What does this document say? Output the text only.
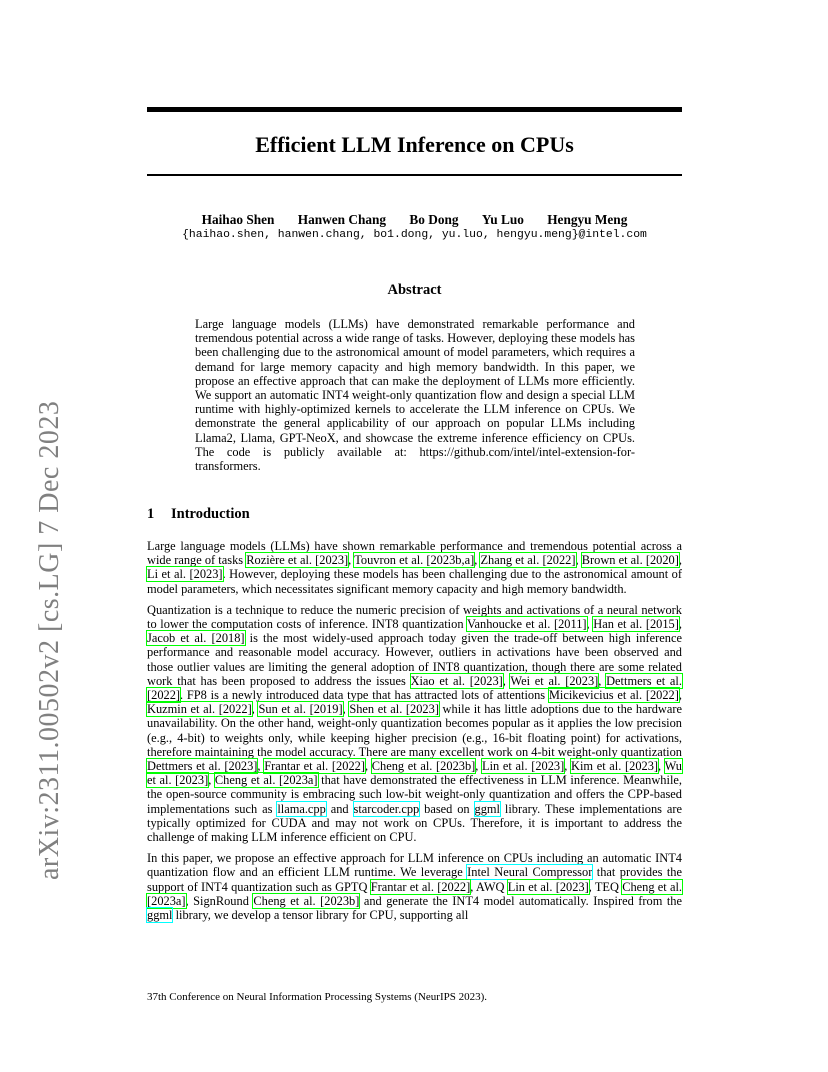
arXiv:2311.00502v2 [cs.LG] 7 Dec 2023
Efficient LLM Inference on CPUs
Haihao Shen Hanwen Chang Bo Dong Yu Luo Hengyu Meng
{haihao.shen, hanwen.chang, bo1.dong, yu.luo, hengyu.meng}@intel.com
Abstract
Large language models (LLMs) have demonstrated remarkable performance and tremendous potential across a wide range of tasks. However, deploying these models has been challenging due to the astronomical amount of model parameters, which requires a demand for large memory capacity and high memory bandwidth. In this paper, we propose an effective approach that can make the deployment of LLMs more efficiently. We support an automatic INT4 weight-only quantization flow and design a special LLM runtime with highly-optimized kernels to accelerate the LLM inference on CPUs. We demonstrate the general applicability of our approach on popular LLMs including Llama2, Llama, GPT-NeoX, and showcase the extreme inference efficiency on CPUs. The code is publicly available at: https://github.com/intel/intel-extension-for-transformers.
1 Introduction

Large language models (LLMs) have shown remarkable performance and tremendous potential across a wide range of tasks Rozière et al. [2023], Touvron et al. [2023b,a], Zhang et al. [2022], Brown et al. [2020], Li et al. [2023]. However, deploying these models has been challenging due to the astronomical amount of model parameters, which necessitates significant memory capacity and high memory bandwidth.

Quantization is a technique to reduce the numeric precision of weights and activations of a neural network to lower the computation costs of inference. INT8 quantization Vanhoucke et al. [2011], Han et al. [2015], Jacob et al. [2018] is the most widely-used approach today given the trade-off between high inference performance and reasonable model accuracy. However, outliers in activations have been observed and those outlier values are limiting the general adoption of INT8 quantization, though there are some related work that has been proposed to address the issues Xiao et al. [2023], Wei et al. [2023], Dettmers et al. [2022]. FP8 is a newly introduced data type that has attracted lots of attentions Micikevicius et al. [2022], Kuzmin et al. [2022], Sun et al. [2019], Shen et al. [2023] while it has little adoptions due to the hardware unavailability. On the other hand, weight-only quantization becomes popular as it applies the low precision (e.g., 4-bit) to weights only, while keeping higher precision (e.g., 16-bit floating point) for activations, therefore maintaining the model accuracy. There are many excellent work on 4-bit weight-only quantization Dettmers et al. [2023], Frantar et al. [2022], Cheng et al. [2023b], Lin et al. [2023], Kim et al. [2023], Wu et al. [2023], Cheng et al. [2023a] that have demonstrated the effectiveness in LLM inference. Meanwhile, the open-source community is embracing such low-bit weight-only quantization and offers the CPP-based implementations such as llama.cpp and starcoder.cpp based on ggml library. These implementations are typically optimized for CUDA and may not work on CPUs. Therefore, it is important to address the challenge of making LLM inference efficient on CPU.

In this paper, we propose an effective approach for LLM inference on CPUs including an automatic INT4 quantization flow and an efficient LLM runtime. We leverage Intel Neural Compressor that provides the support of INT4 quantization such as GPTQ Frantar et al. [2022], AWQ Lin et al. [2023], TEQ Cheng et al. [2023a], SignRound Cheng et al. [2023b] and generate the INT4 model automatically. Inspired from the ggml library, we develop a tensor library for CPU, supporting all

37th Conference on Neural Information Processing Systems (NeurIPS 2023).
